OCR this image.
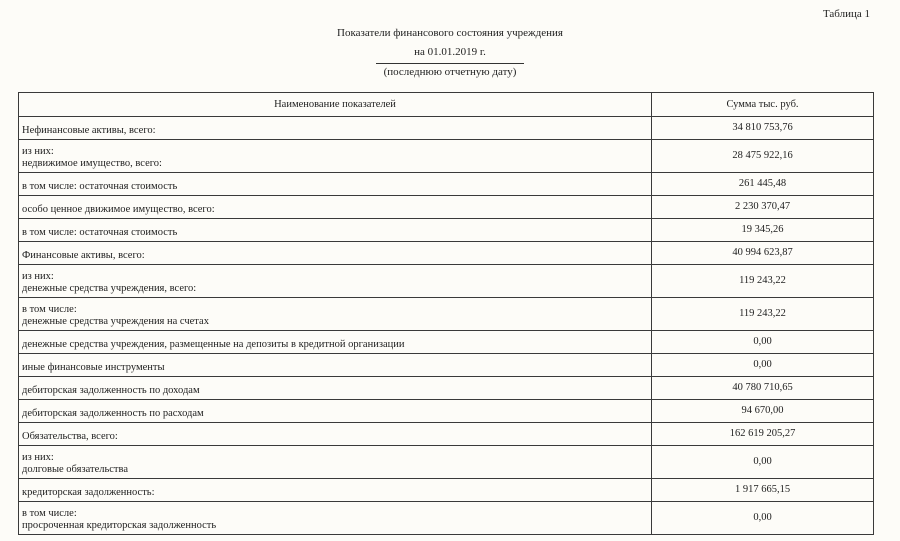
Таблица 1
Показатели финансового состояния учреждения
на 01.01.2019 г.
(последнюю отчетную дату)
Наименование показателей	Сумма тыс. руб.

Нефинансовые активы, всего:	34 810 753,76

из них:
недвижимое имущество, всего:	28 475 922,16

в том числе: остаточная стоимость	261 445,48

особо ценное движимое имущество, всего:	2 230 370,47

в том числе: остаточная стоимость	19 345,26

Финансовые активы, всего:	40 994 623,87

из них:
денежные средства учреждения, всего:	119 243,22

в том числе:
денежные средства учреждения на счетах	119 243,22

денежные средства учреждения, размещенные на депозиты в кредитной организации	0,00

иные финансовые инструменты	0,00

дебиторская задолженность по доходам	40 780 710,65

дебиторская задолженность по расходам	94 670,00

Обязательства, всего:	162 619 205,27

из них:
долговые обязательства	0,00

кредиторская задолженность:	1 917 665,15

в том числе:
просроченная кредиторская задолженность	0,00
